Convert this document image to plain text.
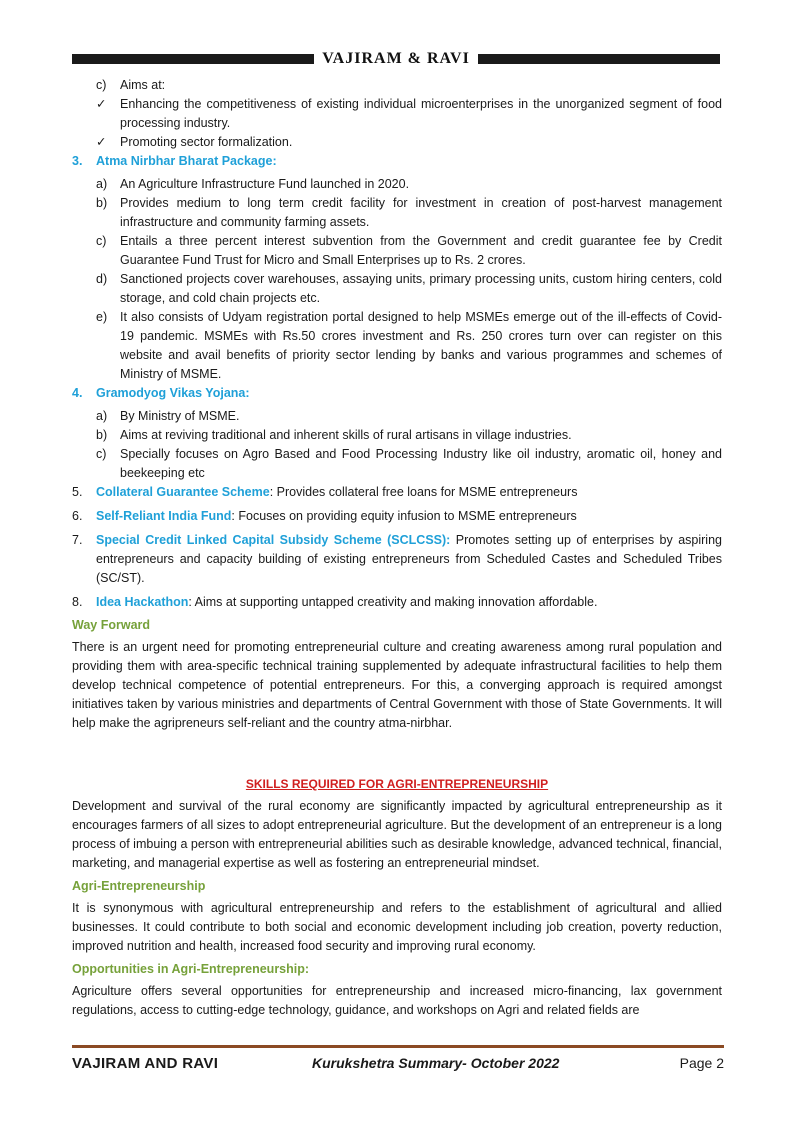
VAJIRAM & RAVI
c)	Aims at:
✓	Enhancing the competitiveness of existing individual microenterprises in the unorganized segment of food processing industry.
✓	Promoting sector formalization.
3.	Atma Nirbhar Bharat Package:
a)	An Agriculture Infrastructure Fund launched in 2020.
b)	Provides medium to long term credit facility for investment in creation of post-harvest management infrastructure and community farming assets.
c)	Entails a three percent interest subvention from the Government and credit guarantee fee by Credit Guarantee Fund Trust for Micro and Small Enterprises up to Rs. 2 crores.
d)	Sanctioned projects cover warehouses, assaying units, primary processing units, custom hiring centers, cold storage, and cold chain projects etc.
e)	It also consists of Udyam registration portal designed to help MSMEs emerge out of the ill-effects of Covid-19 pandemic. MSMEs with Rs.50 crores investment and Rs. 250 crores turn over can register on this website and avail benefits of priority sector lending by banks and various programmes and schemes of Ministry of MSME.
4.	Gramodyog Vikas Yojana:
a)	By Ministry of MSME.
b)	Aims at reviving traditional and inherent skills of rural artisans in village industries.
c)	Specially focuses on Agro Based and Food Processing Industry like oil industry, aromatic oil, honey and beekeeping etc
5.	Collateral Guarantee Scheme: Provides collateral free loans for MSME entrepreneurs
6.	Self-Reliant India Fund: Focuses on providing equity infusion to MSME entrepreneurs
7.	Special Credit Linked Capital Subsidy Scheme (SCLCSS): Promotes setting up of enterprises by aspiring entrepreneurs and capacity building of existing entrepreneurs from Scheduled Castes and Scheduled Tribes (SC/ST).
8.	Idea Hackathon: Aims at supporting untapped creativity and making innovation affordable.
Way Forward

There is an urgent need for promoting entrepreneurial culture and creating awareness among rural population and providing them with area-specific technical training supplemented by adequate infrastructural facilities to help them develop technical competence of potential entrepreneurs. For this, a converging approach is required amongst initiatives taken by various ministries and departments of Central Government with those of State Governments. It will help make the agripreneurs self-reliant and the country atma-nirbhar.

SKILLS REQUIRED FOR AGRI-ENTREPRENEURSHIP

Development and survival of the rural economy are significantly impacted by agricultural entrepreneurship as it encourages farmers of all sizes to adopt entrepreneurial agriculture. But the development of an entrepreneur is a long process of imbuing a person with entrepreneurial abilities such as desirable knowledge, advanced technical, financial, marketing, and managerial expertise as well as fostering an entrepreneurial mindset.

Agri-Entrepreneurship

It is synonymous with agricultural entrepreneurship and refers to the establishment of agricultural and allied businesses. It could contribute to both social and economic development including job creation, poverty reduction, improved nutrition and health, increased food security and improving rural economy.

Opportunities in Agri-Entrepreneurship:

Agriculture offers several opportunities for entrepreneurship and increased micro-financing, lax government regulations, access to cutting-edge technology, guidance, and workshops on Agri and related fields are

VAJIRAM AND RAVI	Kurukshetra Summary- October 2022	Page 2
